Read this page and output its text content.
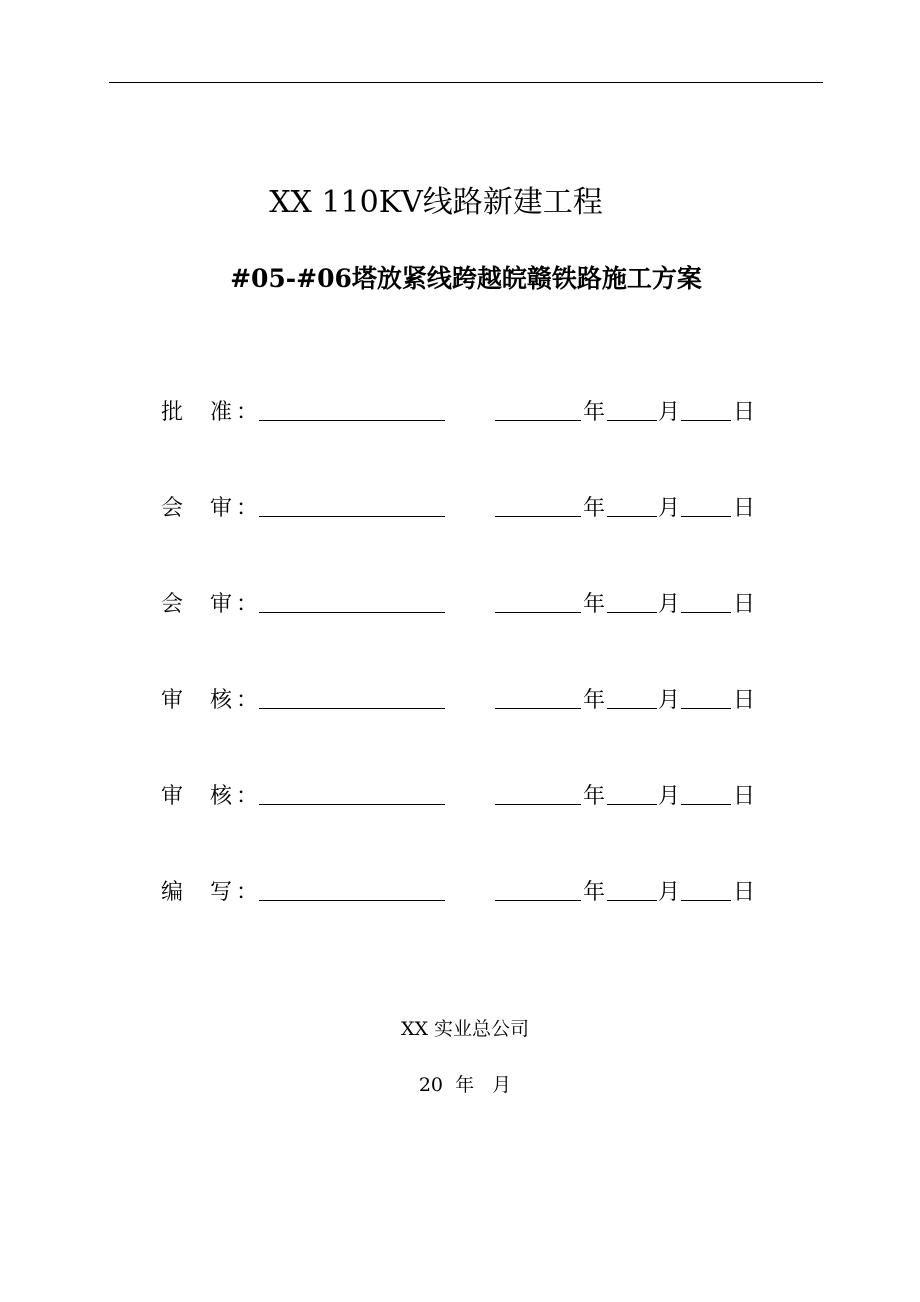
XX 110KV线路新建工程
#05-#06塔放紧线跨越皖赣铁路施工方案
批 准 ：	年 月 日
会 审 ：	年 月 日
会 审 ：	年 月 日
审 核 ：	年 月 日
审 核 ：	年 月 日
编 写 ：	年 月 日
XX 实业总公司
20  年   月
